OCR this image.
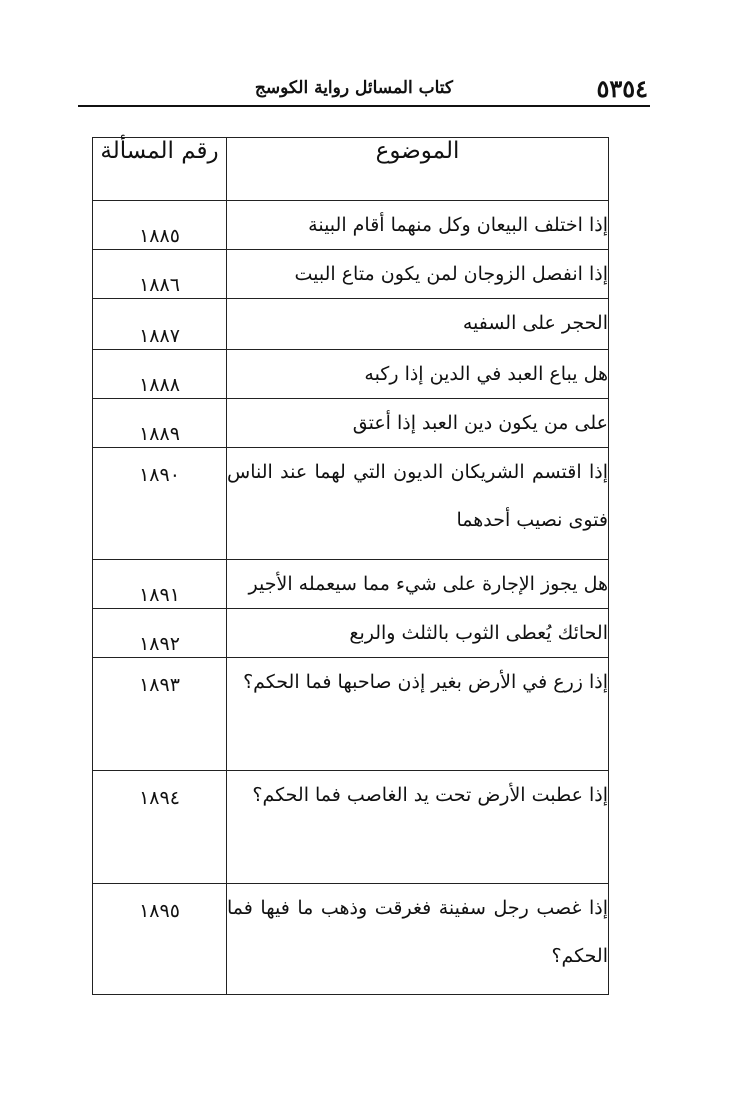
٥٣٥٤
كتاب المسائل رواية الكوسج
الموضوع	رقم المسألة
إذا اختلف البيعان وكل منهما أقام البينة	١٨٨٥
إذا انفصل الزوجان لمن يكون متاع البيت	١٨٨٦
الحجر على السفيه	١٨٨٧
هل يباع العبد في الدين إذا ركبه	١٨٨٨
على من يكون دين العبد إذا أعتق	١٨٨٩
إذا اقتسم الشريكان الديون التي لهما عند الناس فتوى نصيب أحدهما	١٨٩٠
هل يجوز الإجارة على شيء مما سيعمله الأجير	١٨٩١
الحائك يُعطى الثوب بالثلث والربع	١٨٩٢
إذا زرع في الأرض بغير إذن صاحبها فما الحكم؟	١٨٩٣
إذا عطبت الأرض تحت يد الغاصب فما الحكم؟	١٨٩٤
إذا غصب رجل سفينة فغرقت وذهب ما فيها فما الحكم؟	١٨٩٥
